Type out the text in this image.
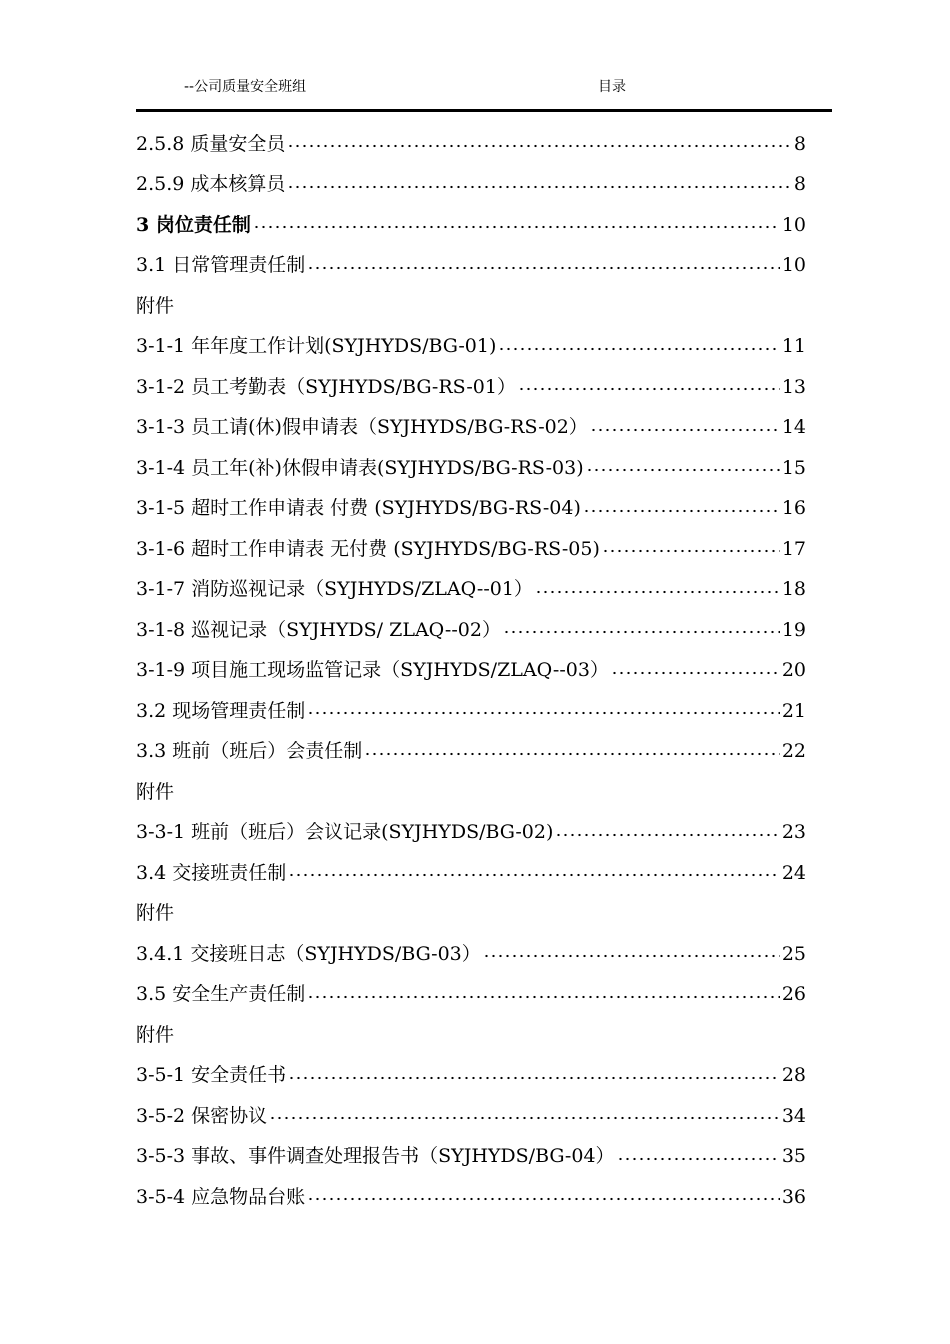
--公司质量安全班组	目录
2.5.8 质量安全员	8
2.5.9 成本核算员	8
3 岗位责任制	10
3.1 日常管理责任制	10
附件
3-1-1 年年度工作计划(SYJHYDS/BG-01)	11
3-1-2 员工考勤表（SYJHYDS/BG-RS-01）	13
3-1-3 员工请(休)假申请表（SYJHYDS/BG-RS-02）	14
3-1-4 员工年(补)休假申请表(SYJHYDS/BG-RS-03)	15
3-1-5 超时工作申请表 付费 (SYJHYDS/BG-RS-04)	16
3-1-6 超时工作申请表 无付费 (SYJHYDS/BG-RS-05)	17
3-1-7 消防巡视记录（SYJHYDS/ZLAQ--01）	18
3-1-8 巡视记录（SYJHYDS/ ZLAQ--02）	19
3-1-9 项目施工现场监管记录（SYJHYDS/ZLAQ--03）	20
3.2 现场管理责任制	21
3.3 班前（班后）会责任制	22
附件
3-3-1 班前（班后）会议记录(SYJHYDS/BG-02)	23
3.4 交接班责任制	24
附件
3.4.1 交接班日志（SYJHYDS/BG-03）	25
3.5 安全生产责任制	26
附件
3-5-1 安全责任书	28
3-5-2 保密协议	34
3-5-3 事故、事件调查处理报告书（SYJHYDS/BG-04）	35
3-5-4 应急物品台账	36
